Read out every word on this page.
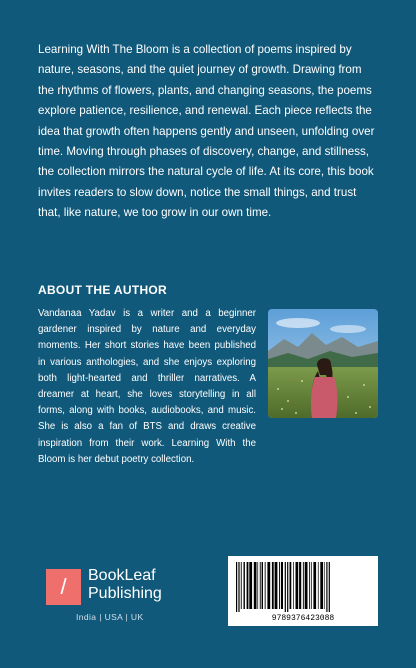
Learning With The Bloom is a collection of poems inspired by nature, seasons, and the quiet journey of growth. Drawing from the rhythms of flowers, plants, and changing seasons, the poems explore patience, resilience, and renewal. Each piece reflects the idea that growth often happens gently and unseen, unfolding over time. Moving through phases of discovery, change, and stillness, the collection mirrors the natural cycle of life. At its core, this book invites readers to slow down, notice the small things, and trust that, like nature, we too grow in our own time.

ABOUT THE AUTHOR

Vandanaa Yadav is a writer and a beginner gardener inspired by nature and everyday moments. Her short stories have been published in various anthologies, and she enjoys exploring both light-hearted and thriller narratives. A dreamer at heart, she loves storytelling in all forms, along with books, audiobooks, and music. She is also a fan of BTS and draws creative inspiration from their work. Learning With the Bloom is her debut poetry collection.

/	BookLeaf
Publishing
India | USA | UK	9789376423088
